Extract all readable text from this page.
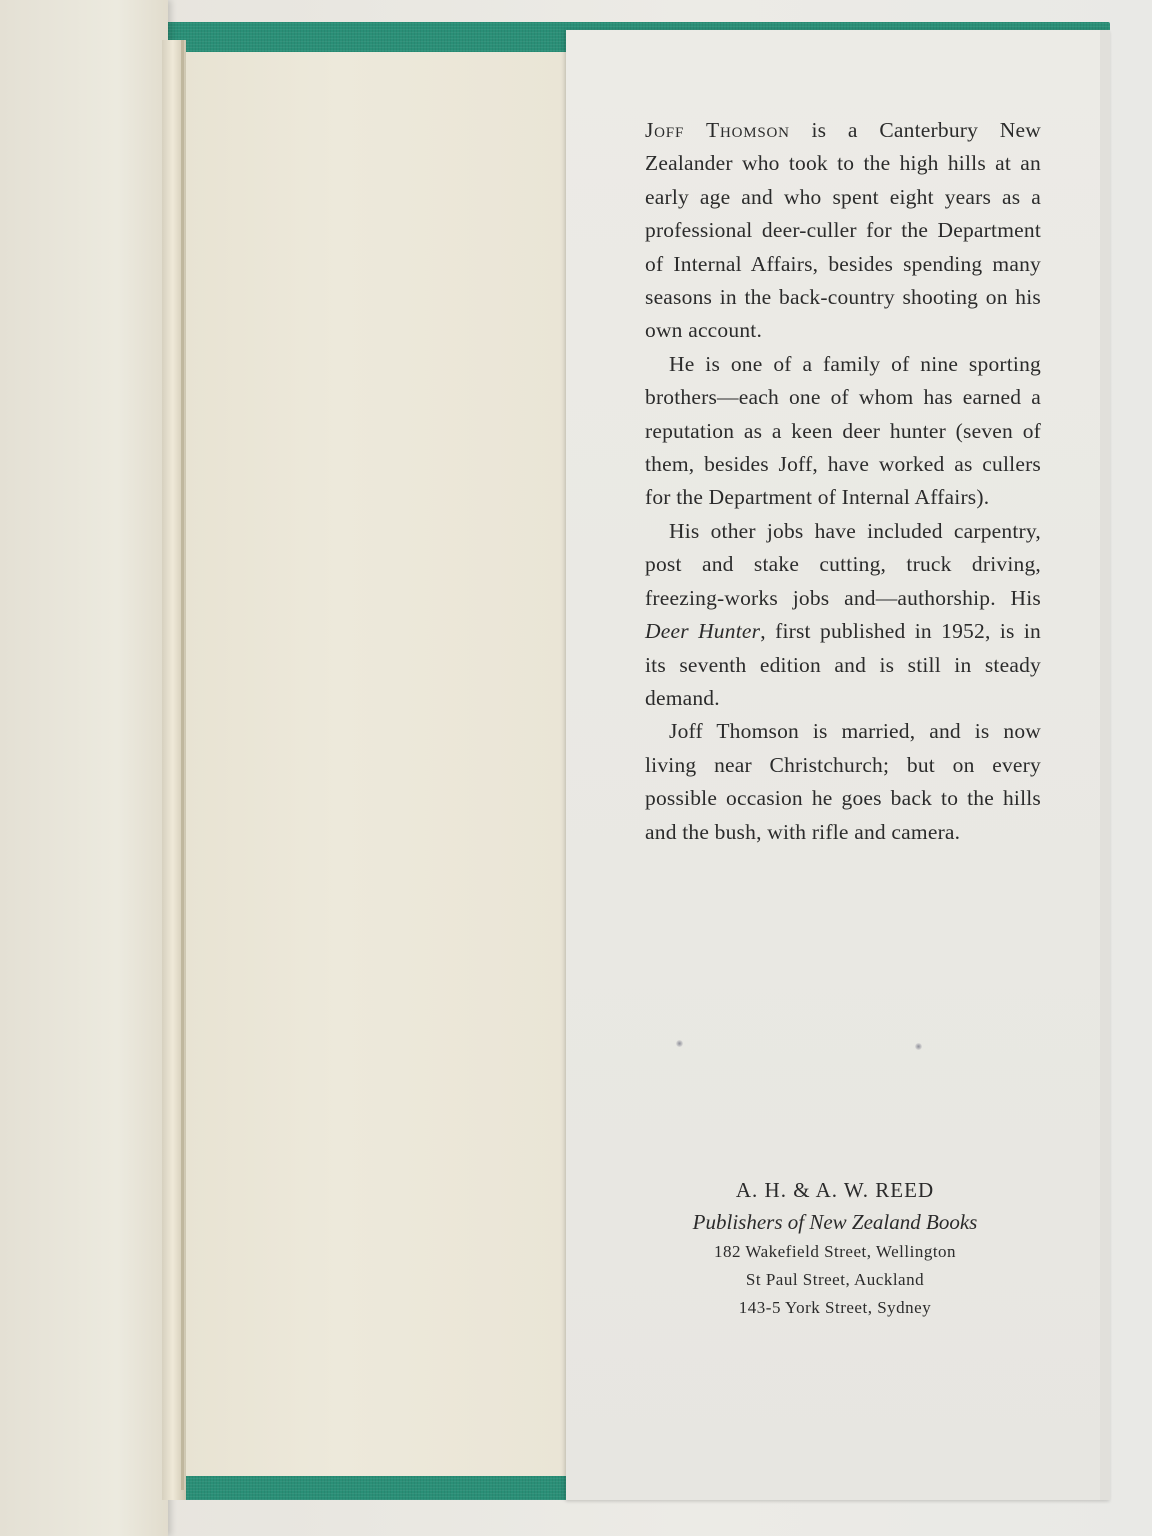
Joff Thomson is a Canterbury New Zealander who took to the high hills at an early age and who spent eight years as a professional deer-culler for the Department of Internal Affairs, besides spending many seasons in the back-country shooting on his own account.

He is one of a family of nine sporting brothers—each one of whom has earned a reputation as a keen deer hunter (seven of them, besides Joff, have worked as cullers for the Department of Internal Affairs).

His other jobs have included carpentry, post and stake cutting, truck driving, freezing-works jobs and—authorship. His Deer Hunter, first published in 1952, is in its seventh edition and is still in steady demand.

Joff Thomson is married, and is now living near Christchurch; but on every possible occasion he goes back to the hills and the bush, with rifle and camera.

A. H. & A. W. REED
Publishers of New Zealand Books
182 Wakefield Street, Wellington
St Paul Street, Auckland
143-5 York Street, Sydney
